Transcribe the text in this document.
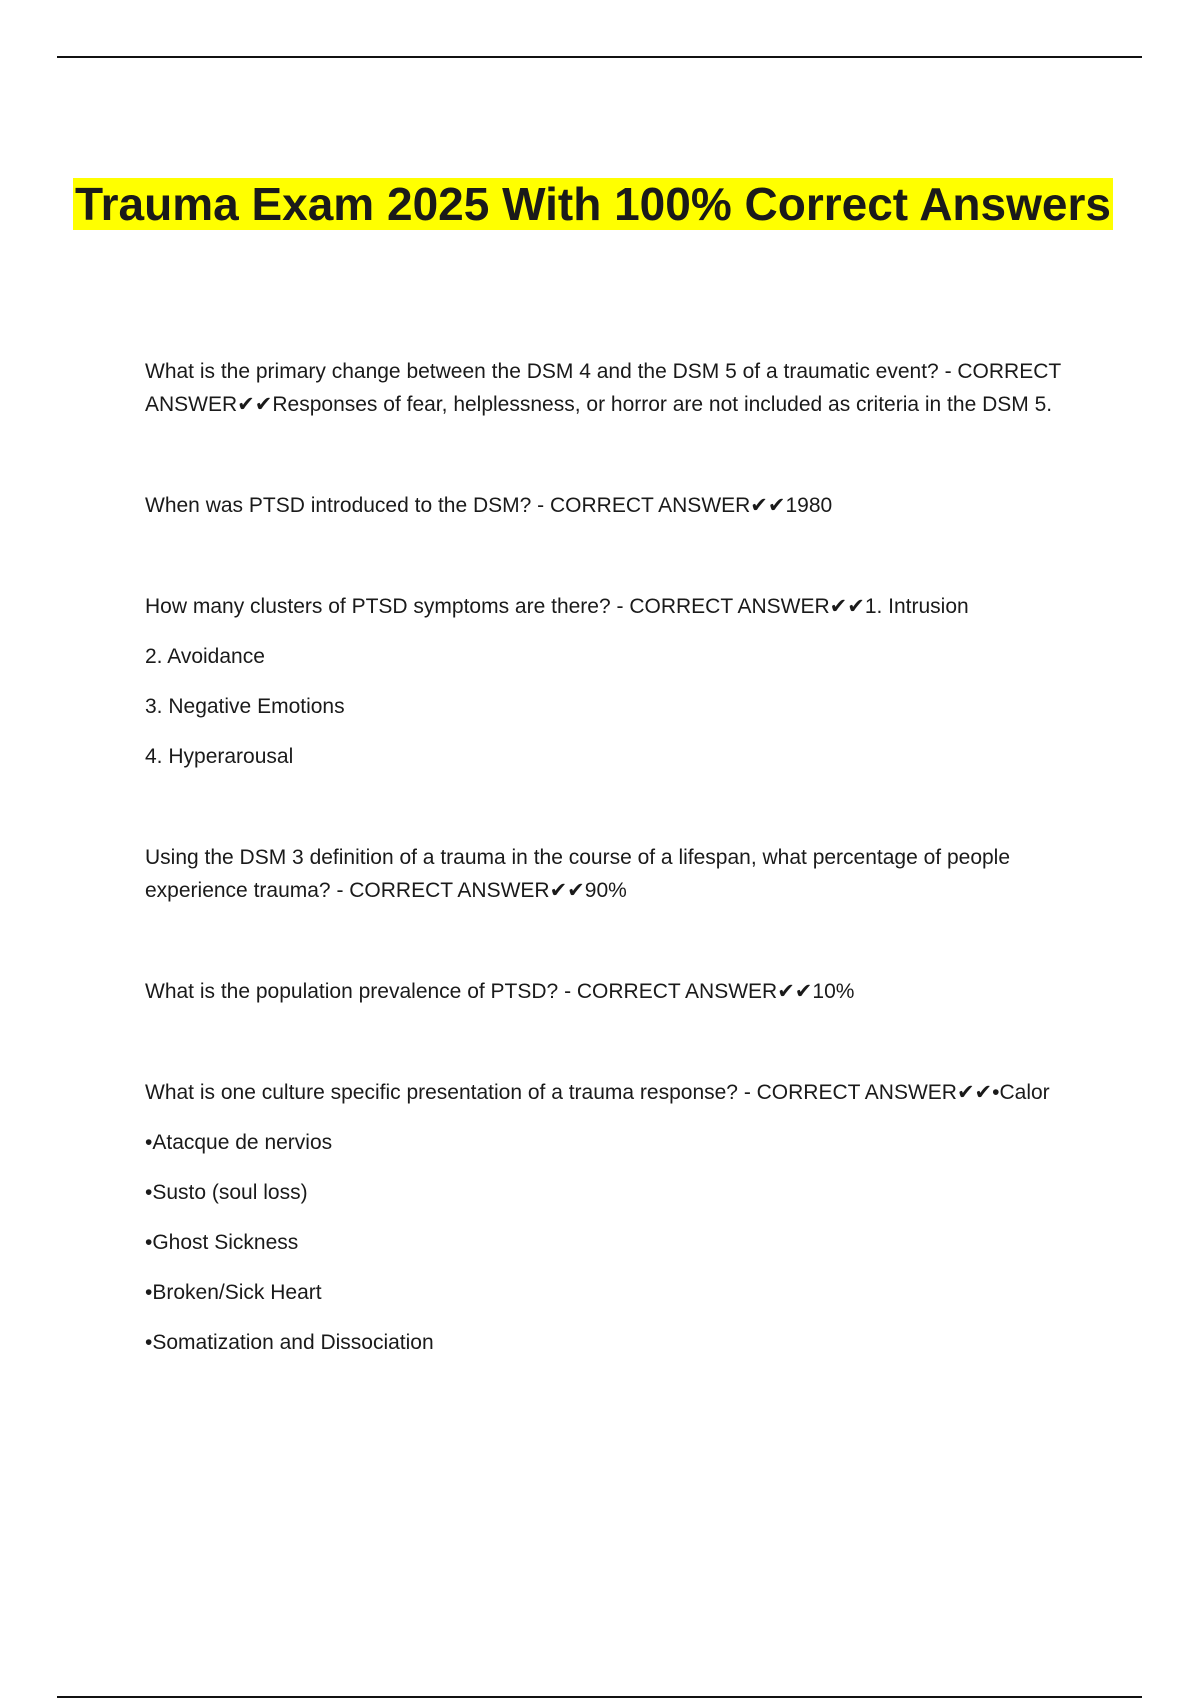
Trauma Exam 2025 With 100% Correct Answers

What is the primary change between the DSM 4 and the DSM 5 of a traumatic event? - CORRECT ANSWER✔✔Responses of fear, helplessness, or horror are not included as criteria in the DSM 5.

When was PTSD introduced to the DSM? - CORRECT ANSWER✔✔1980

How many clusters of PTSD symptoms are there? - CORRECT ANSWER✔✔1. Intrusion

2. Avoidance

3. Negative Emotions

4. Hyperarousal

Using the DSM 3 definition of a trauma in the course of a lifespan, what percentage of people experience trauma? - CORRECT ANSWER✔✔90%

What is the population prevalence of PTSD? - CORRECT ANSWER✔✔10%

What is one culture specific presentation of a trauma response? - CORRECT ANSWER✔✔•Calor

•Atacque de nervios

•Susto (soul loss)

•Ghost Sickness

•Broken/Sick Heart

•Somatization and Dissociation
